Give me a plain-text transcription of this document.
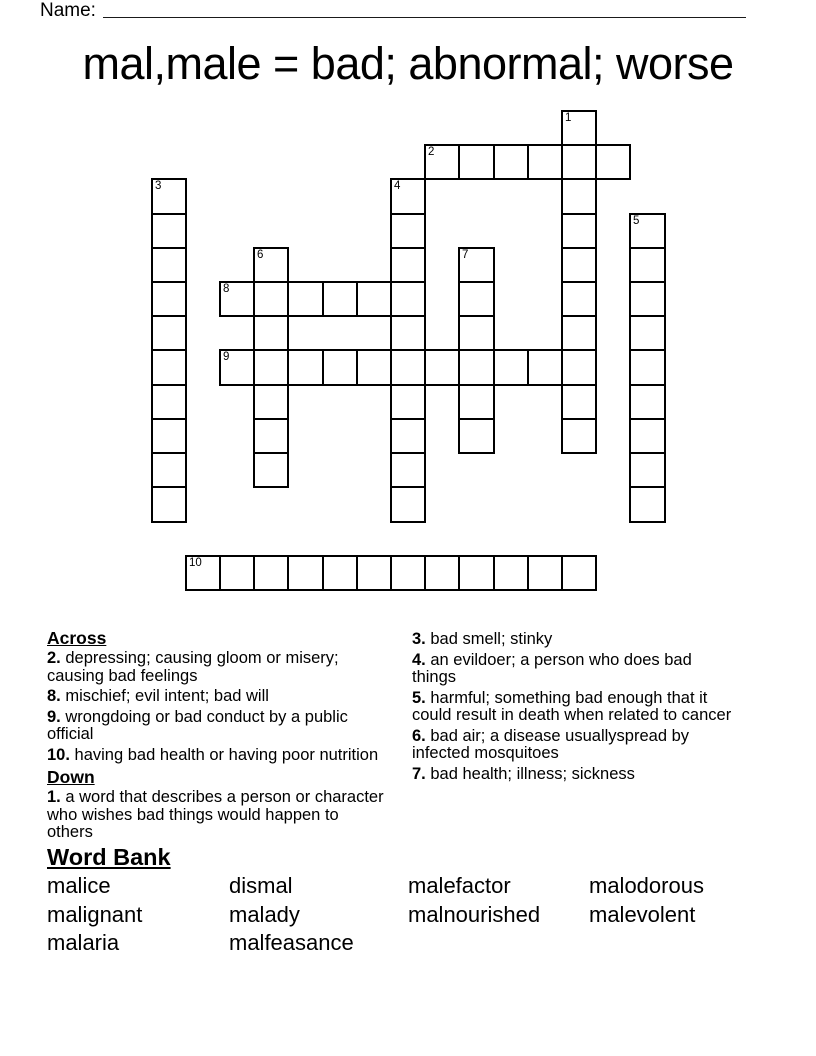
Name:
mal,male = bad; abnormal; worse
1
2
3	4
5
6	7
8
9
10
Across
2. depressing; causing gloom or misery; causing bad feelings
8. mischief; evil intent; bad will
9. wrongdoing or bad conduct by a public official
10. having bad health or having poor nutrition
Down
1. a word that describes a person or character who wishes bad things would happen to others
3. bad smell; stinky
4. an evildoer; a person who does bad things
5. harmful; something bad enough that it could result in death when related to cancer
6. bad air; a disease usuallyspread by infected mosquitoes
7. bad health; illness; sickness
Word Bank
malice
malignant
malaria
dismal
malady
malfeasance
malefactor
malnourished
malodorous
malevolent
